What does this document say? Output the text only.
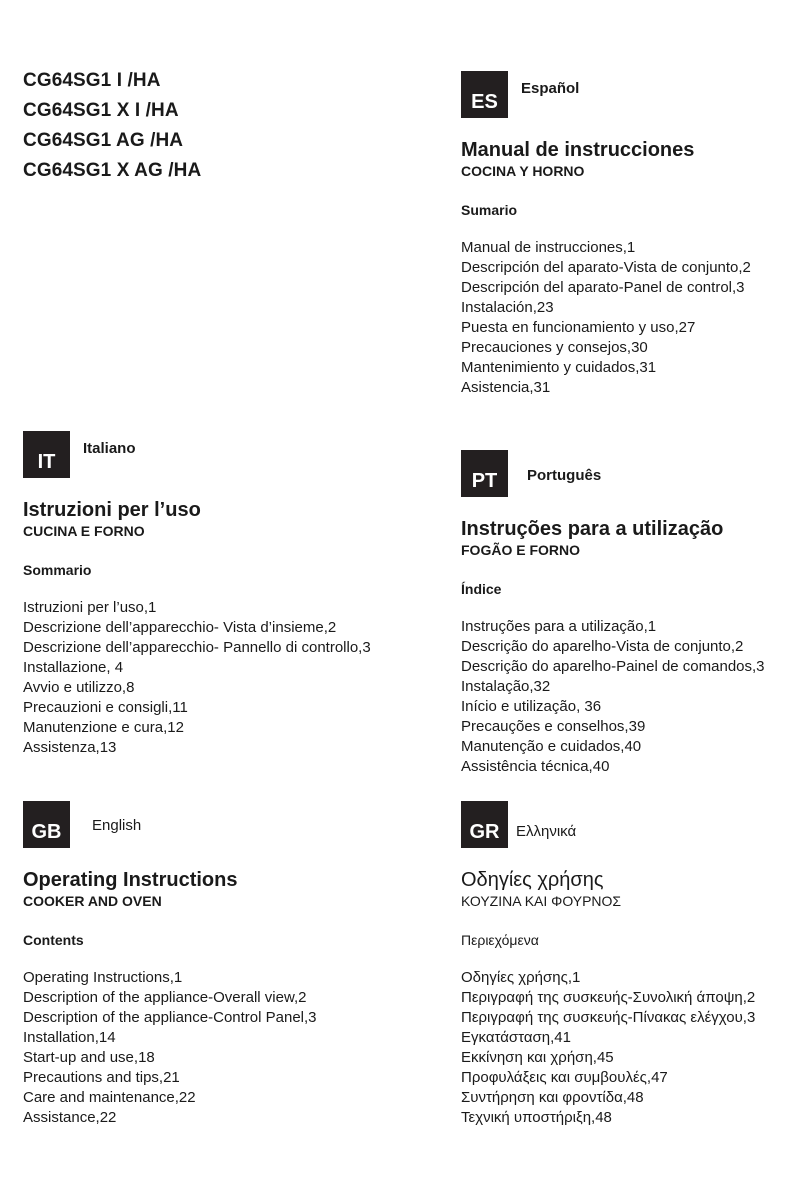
CG64SG1 I /HA
CG64SG1 X I /HA
CG64SG1 AG /HA
CG64SG1 X AG /HA
ES
Español
Manual de instrucciones
COCINA Y HORNO
Sumario
Manual de instrucciones,1
Descripción del aparato-Vista de conjunto,2
Descripción del aparato-Panel de control,3
Instalación,23
Puesta en funcionamiento y uso,27
Precauciones y consejos,30
Mantenimiento y cuidados,31
Asistencia,31
IT
Italiano
Istruzioni per l’uso
CUCINA E FORNO
Sommario
Istruzioni per l’uso,1
Descrizione dell’apparecchio- Vista d’insieme,2
Descrizione dell’apparecchio- Pannello di controllo,3
Installazione, 4
Avvio e utilizzo,8
Precauzioni e consigli,11
Manutenzione e cura,12
Assistenza,13
PT	Português
Instruções para a utilização
FOGÃO E FORNO
Índice
Instruções para a utilização,1
Descrição do aparelho-Vista de conjunto,2
Descrição do aparelho-Painel de comandos,3
Instalação,32
Início e utilização, 36
Precauções e conselhos,39
Manutenção e cuidados,40
Assistência técnica,40
GB	English
Operating Instructions
COOKER AND OVEN
Contents
Operating Instructions,1
Description of the appliance-Overall view,2
Description of the appliance-Control Panel,3
Installation,14
Start-up and use,18
Precautions and tips,21
Care and maintenance,22
Assistance,22
GR	Ελληνικά
Οδηγίες χρήσης
ΚΟΥΖΙΝΑ ΚΑΙ ΦΟΥΡΝΟΣ
Περιεχόμενα
Οδηγίες χρήσης,1
Περιγραφή της συσκευής-Συνολική άποψη,2
Περιγραφή της συσκευής-Πίνακας ελέγχου,3
Εγκατάσταση,41
Εκκίνηση και χρήση,45
Προφυλάξεις και συμβουλές,47
Συντήρηση και φροντίδα,48
Τεχνική υποστήριξη,48
